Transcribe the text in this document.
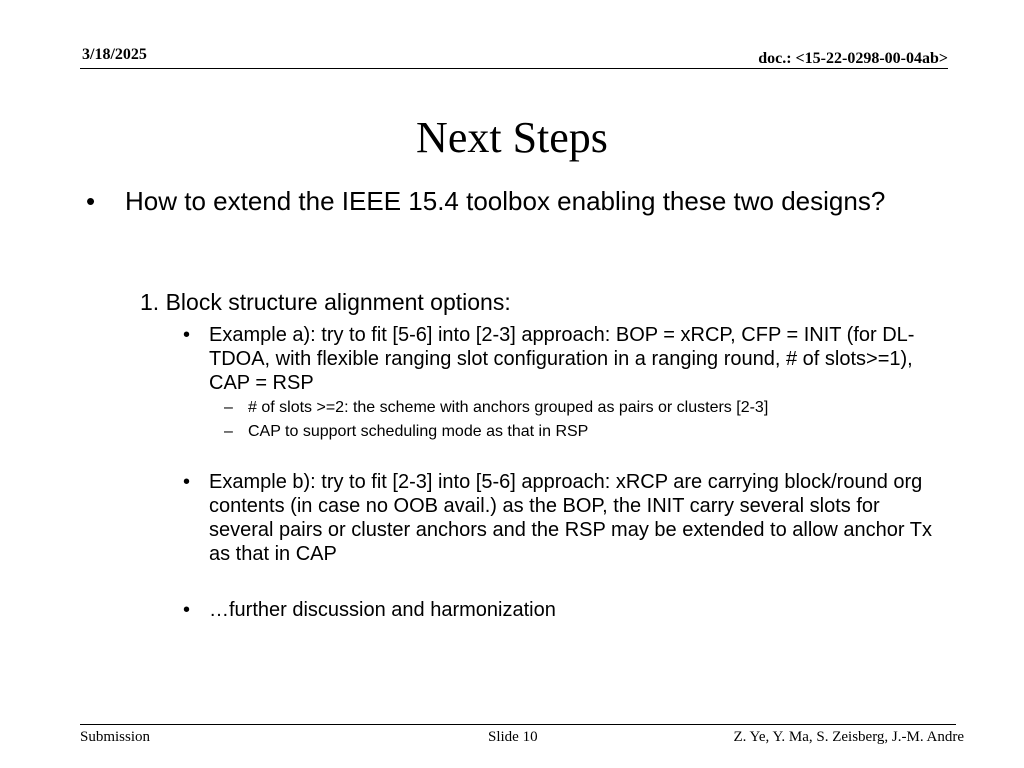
3/18/2025	doc.: <15-22-0298-00-04ab>
Next Steps
• How to extend the IEEE 15.4 toolbox enabling these two designs?
1. Block structure alignment options:
• Example a): try to fit [5-6] into [2-3] approach: BOP = xRCP, CFP = INIT (for DL-TDOA, with flexible ranging slot configuration in a ranging round, # of slots>=1), CAP = RSP
– # of slots >=2: the scheme with anchors grouped as pairs or clusters [2-3]
– CAP to support scheduling mode as that in RSP
• Example b): try to fit [2-3] into [5-6] approach: xRCP are carrying block/round org contents (in case no OOB avail.) as the BOP, the INIT carry several slots for several pairs or cluster anchors and the RSP may be extended to allow anchor Tx as that in CAP
• …further discussion and harmonization
Submission	Slide 10	Z. Ye, Y. Ma, S. Zeisberg, J.-M. Andre
